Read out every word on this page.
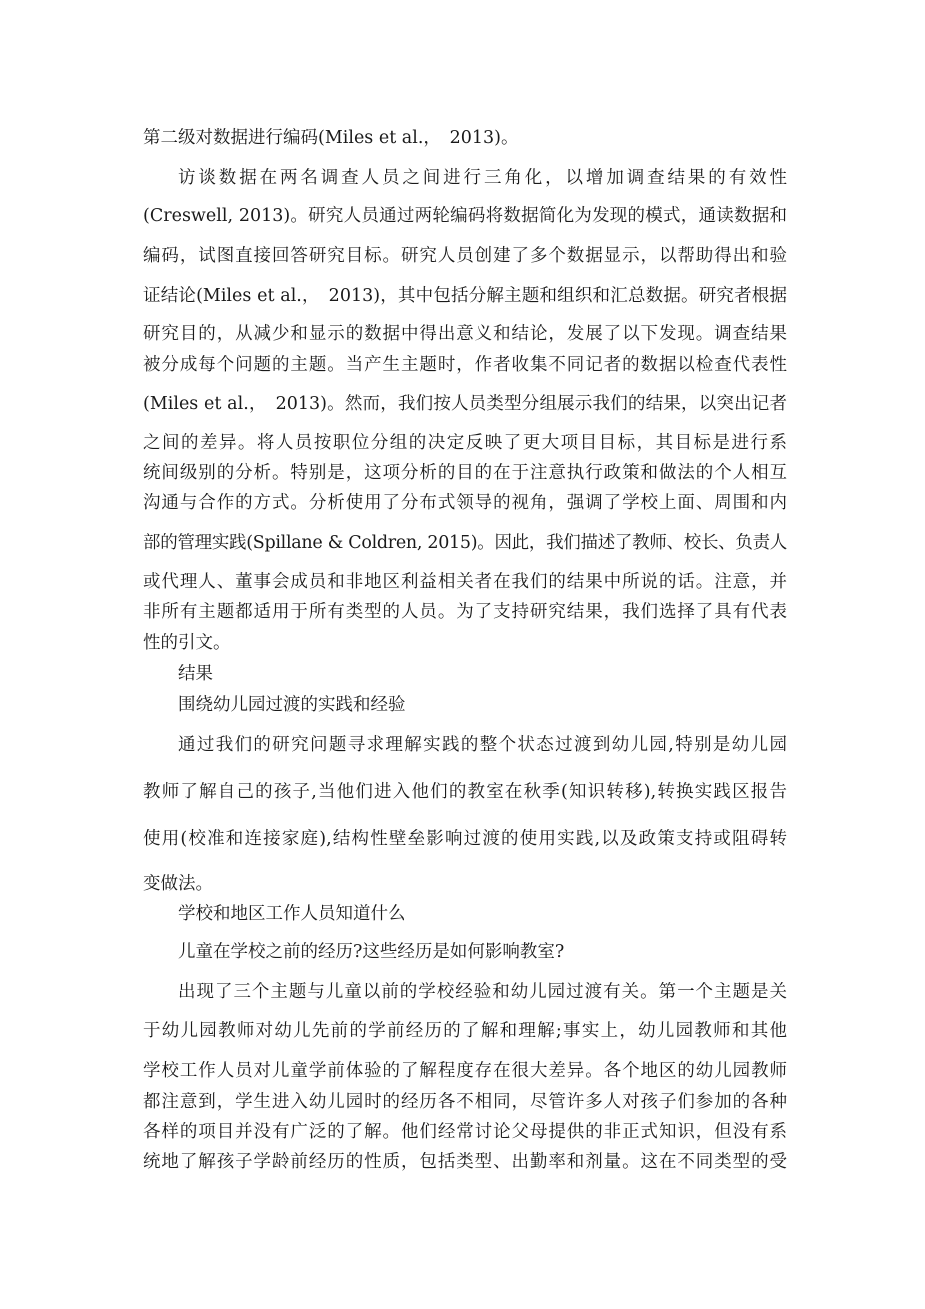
第二级对数据进行编码(Miles et al.，　2013)。
访谈数据在两名调查人员之间进行三角化，以增加调查结果的有效性
(Creswell, 2013)。研究人员通过两轮编码将数据简化为发现的模式，通读数据和
编码，试图直接回答研究目标。研究人员创建了多个数据显示，以帮助得出和验
证结论(Miles et al.，　2013)，其中包括分解主题和组织和汇总数据。研究者根据
研究目的，从减少和显示的数据中得出意义和结论，发展了以下发现。调查结果
被分成每个问题的主题。当产生主题时，作者收集不同记者的数据以检查代表性
(Miles et al.，　2013)。然而，我们按人员类型分组展示我们的结果，以突出记者
之间的差异。将人员按职位分组的决定反映了更大项目目标，其目标是进行系
统间级别的分析。特别是，这项分析的目的在于注意执行政策和做法的个人相互
沟通与合作的方式。分析使用了分布式领导的视角，强调了学校上面、周围和内
部的管理实践(Spillane & Coldren, 2015)。因此，我们描述了教师、校长、负责人
或代理人、董事会成员和非地区利益相关者在我们的结果中所说的话。注意，并
非所有主题都适用于所有类型的人员。为了支持研究结果，我们选择了具有代表
性的引文。
结果
围绕幼儿园过渡的实践和经验
通过我们的研究问题寻求理解实践的整个状态过渡到幼儿园,特别是幼儿园
教师了解自己的孩子,当他们进入他们的教室在秋季(知识转移),转换实践区报告
使用(校准和连接家庭),结构性壁垒影响过渡的使用实践,以及政策支持或阻碍转
变做法。
学校和地区工作人员知道什么
儿童在学校之前的经历?这些经历是如何影响教室?
出现了三个主题与儿童以前的学校经验和幼儿园过渡有关。第一个主题是关
于幼儿园教师对幼儿先前的学前经历的了解和理解;事实上，幼儿园教师和其他
学校工作人员对儿童学前体验的了解程度存在很大差异。各个地区的幼儿园教师
都注意到，学生进入幼儿园时的经历各不相同，尽管许多人对孩子们参加的各种
各样的项目并没有广泛的了解。他们经常讨论父母提供的非正式知识，但没有系
统地了解孩子学龄前经历的性质，包括类型、出勤率和剂量。这在不同类型的受
